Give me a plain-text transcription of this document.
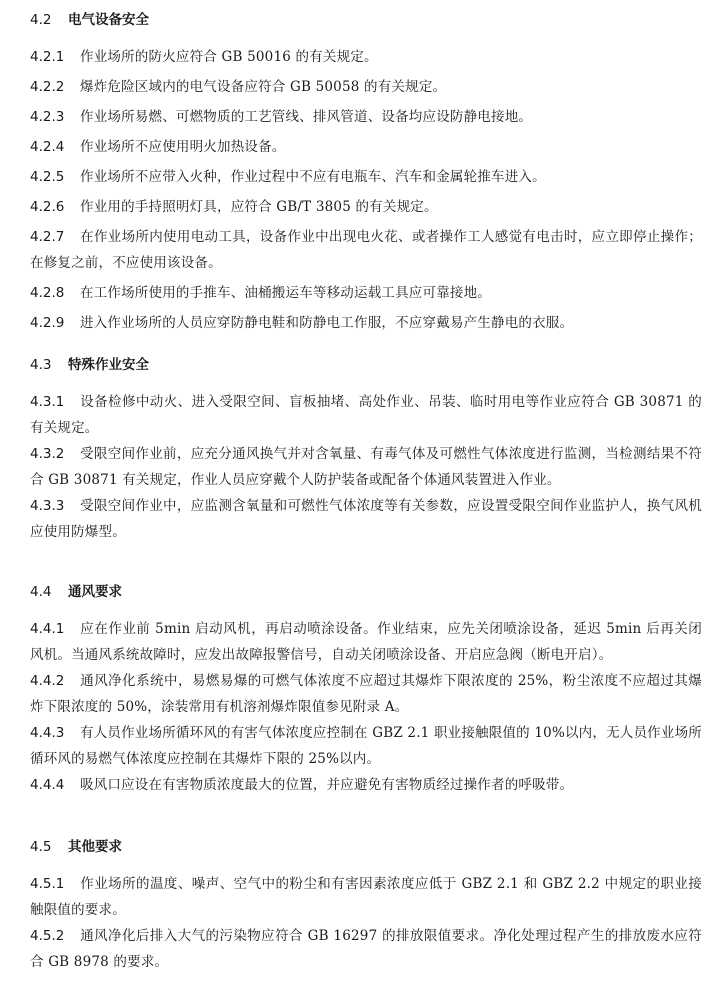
4.2 电气设备安全
4.2.1 作业场所的防火应符合 GB 50016 的有关规定。
4.2.2 爆炸危险区域内的电气设备应符合 GB 50058 的有关规定。
4.2.3 作业场所易燃、可燃物质的工艺管线、排风管道、设备均应设防静电接地。
4.2.4 作业场所不应使用明火加热设备。
4.2.5 作业场所不应带入火种，作业过程中不应有电瓶车、汽车和金属轮推车进入。
4.2.6 作业用的手持照明灯具，应符合 GB/T 3805 的有关规定。
4.2.7 在作业场所内使用电动工具，设备作业中出现电火花、或者操作工人感觉有电击时，应立即停止操作；在修复之前，不应使用该设备。
4.2.8 在工作场所使用的手推车、油桶搬运车等移动运载工具应可靠接地。
4.2.9 进入作业场所的人员应穿防静电鞋和防静电工作服，不应穿戴易产生静电的衣服。
4.3 特殊作业安全
4.3.1 设备检修中动火、进入受限空间、盲板抽堵、高处作业、吊装、临时用电等作业应符合 GB 30871 的有关规定。
4.3.2 受限空间作业前，应充分通风换气并对含氧量、有毒气体及可燃性气体浓度进行监测，当检测结果不符合 GB 30871 有关规定，作业人员应穿戴个人防护装备或配备个体通风装置进入作业。
4.3.3 受限空间作业中，应监测含氧量和可燃性气体浓度等有关参数，应设置受限空间作业监护人，换气风机应使用防爆型。
4.4 通风要求
4.4.1 应在作业前 5min 启动风机，再启动喷涂设备。作业结束，应先关闭喷涂设备，延迟 5min 后再关闭风机。当通风系统故障时，应发出故障报警信号，自动关闭喷涂设备、开启应急阀（断电开启）。
4.4.2 通风净化系统中，易燃易爆的可燃气体浓度不应超过其爆炸下限浓度的 25%，粉尘浓度不应超过其爆炸下限浓度的 50%，涂装常用有机溶剂爆炸限值参见附录 A。
4.4.3 有人员作业场所循环风的有害气体浓度应控制在 GBZ 2.1 职业接触限值的 10%以内，无人员作业场所循环风的易燃气体浓度应控制在其爆炸下限的 25%以内。
4.4.4 吸风口应设在有害物质浓度最大的位置，并应避免有害物质经过操作者的呼吸带。
4.5 其他要求
4.5.1 作业场所的温度、噪声、空气中的粉尘和有害因素浓度应低于 GBZ 2.1 和 GBZ 2.2 中规定的职业接触限值的要求。
4.5.2 通风净化后排入大气的污染物应符合 GB 16297 的排放限值要求。净化处理过程产生的排放废水应符合 GB 8978 的要求。
